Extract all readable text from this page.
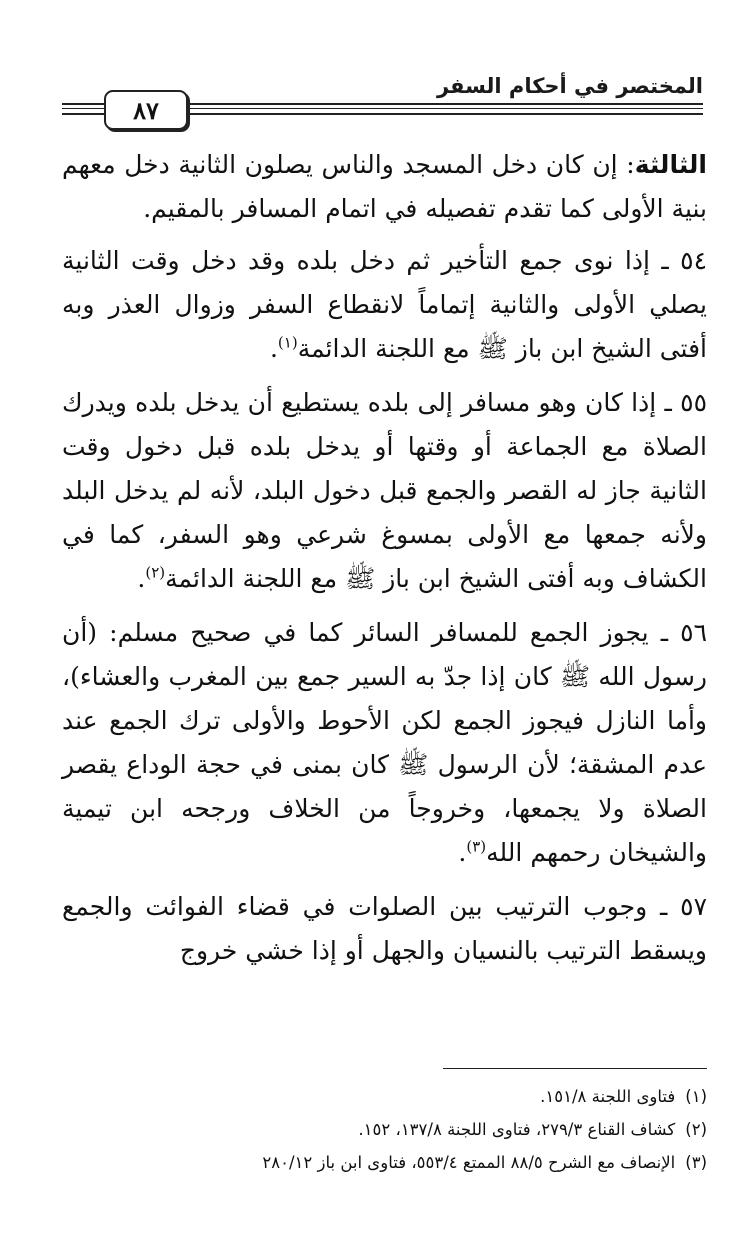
المختصر في أحكام السفر
٨٧

الثالثة: إن كان دخل المسجد والناس يصلون الثانية دخل معهم بنية الأولى كما تقدم تفصيله في اتمام المسافر بالمقيم.

٥٤ ـ إذا نوى جمع التأخير ثم دخل بلده وقد دخل وقت الثانية يصلي الأولى والثانية إتماماً لانقطاع السفر وزوال العذر وبه أفتى الشيخ ابن باز ﷺ مع اللجنة الدائمة$^{(١)}$.

٥٥ ـ إذا كان وهو مسافر إلى بلده يستطيع أن يدخل بلده ويدرك الصلاة مع الجماعة أو وقتها أو يدخل بلده قبل دخول وقت الثانية جاز له القصر والجمع قبل دخول البلد، لأنه لم يدخل البلد ولأنه جمعها مع الأولى بمسوغ شرعي وهو السفر، كما في الكشاف وبه أفتى الشيخ ابن باز ﷺ مع اللجنة الدائمة$^{(٢)}$.

٥٦ ـ يجوز الجمع للمسافر السائر كما في صحيح مسلم: (أن رسول الله ﷺ كان إذا جدّ به السير جمع بين المغرب والعشاء)، وأما النازل فيجوز الجمع لكن الأحوط والأولى ترك الجمع عند عدم المشقة؛ لأن الرسول ﷺ كان بمنى في حجة الوداع يقصر الصلاة ولا يجمعها، وخروجاً من الخلاف ورجحه ابن تيمية والشيخان رحمهم الله$^{(٣)}$.

٥٧ ـ وجوب الترتيب بين الصلوات في قضاء الفوائت والجمع ويسقط الترتيب بالنسيان والجهل أو إذا خشي خروج

(١)فتاوى اللجنة ١٥١/٨.
(٢)كشاف القناع ٢٧٩/٣، فتاوى اللجنة ١٣٧/٨، ١٥٢.
(٣)الإنصاف مع الشرح ٨٨/٥ الممتع ٥٥٣/٤، فتاوى ابن باز ٢٨٠/١٢
